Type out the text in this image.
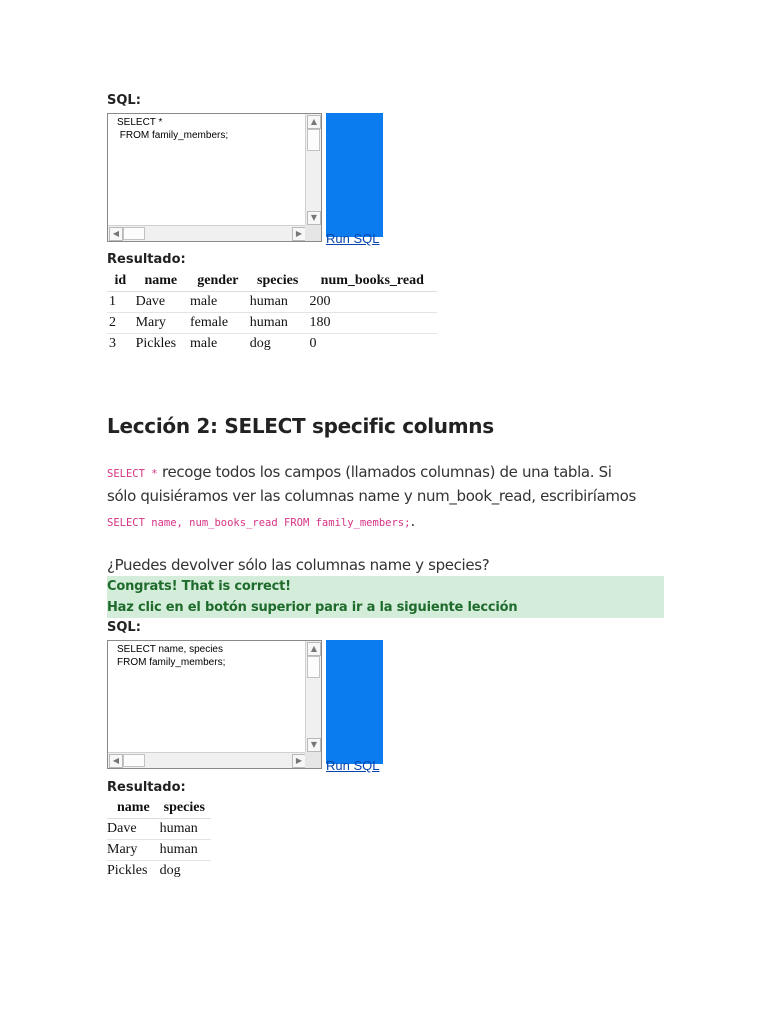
SQL:
SELECT *
FROM family_members;
▲
▼
◀	▶	Run SQL
Resultado:
id	name	gender	species	num_books_read
1	Dave	male	human	200
2	Mary	female	human	180
3	Pickles	male	dog	0
Lección 2: SELECT specific columns
SELECT * recoge todos los campos (llamados columnas) de una tabla. Si
sólo quisiéramos ver las columnas name y num_book_read, escribiríamos
SELECT name, num_books_read FROM family_members;.
¿Puedes devolver sólo las columnas name y species?
Congrats! That is correct!
Haz clic en el botón superior para ir a la siguiente lección
SQL:
SELECT name, species
FROM family_members;
▲
▼
◀	▶	Run SQL
Resultado:
name	species
Dave	human
Mary	human
Pickles	dog
